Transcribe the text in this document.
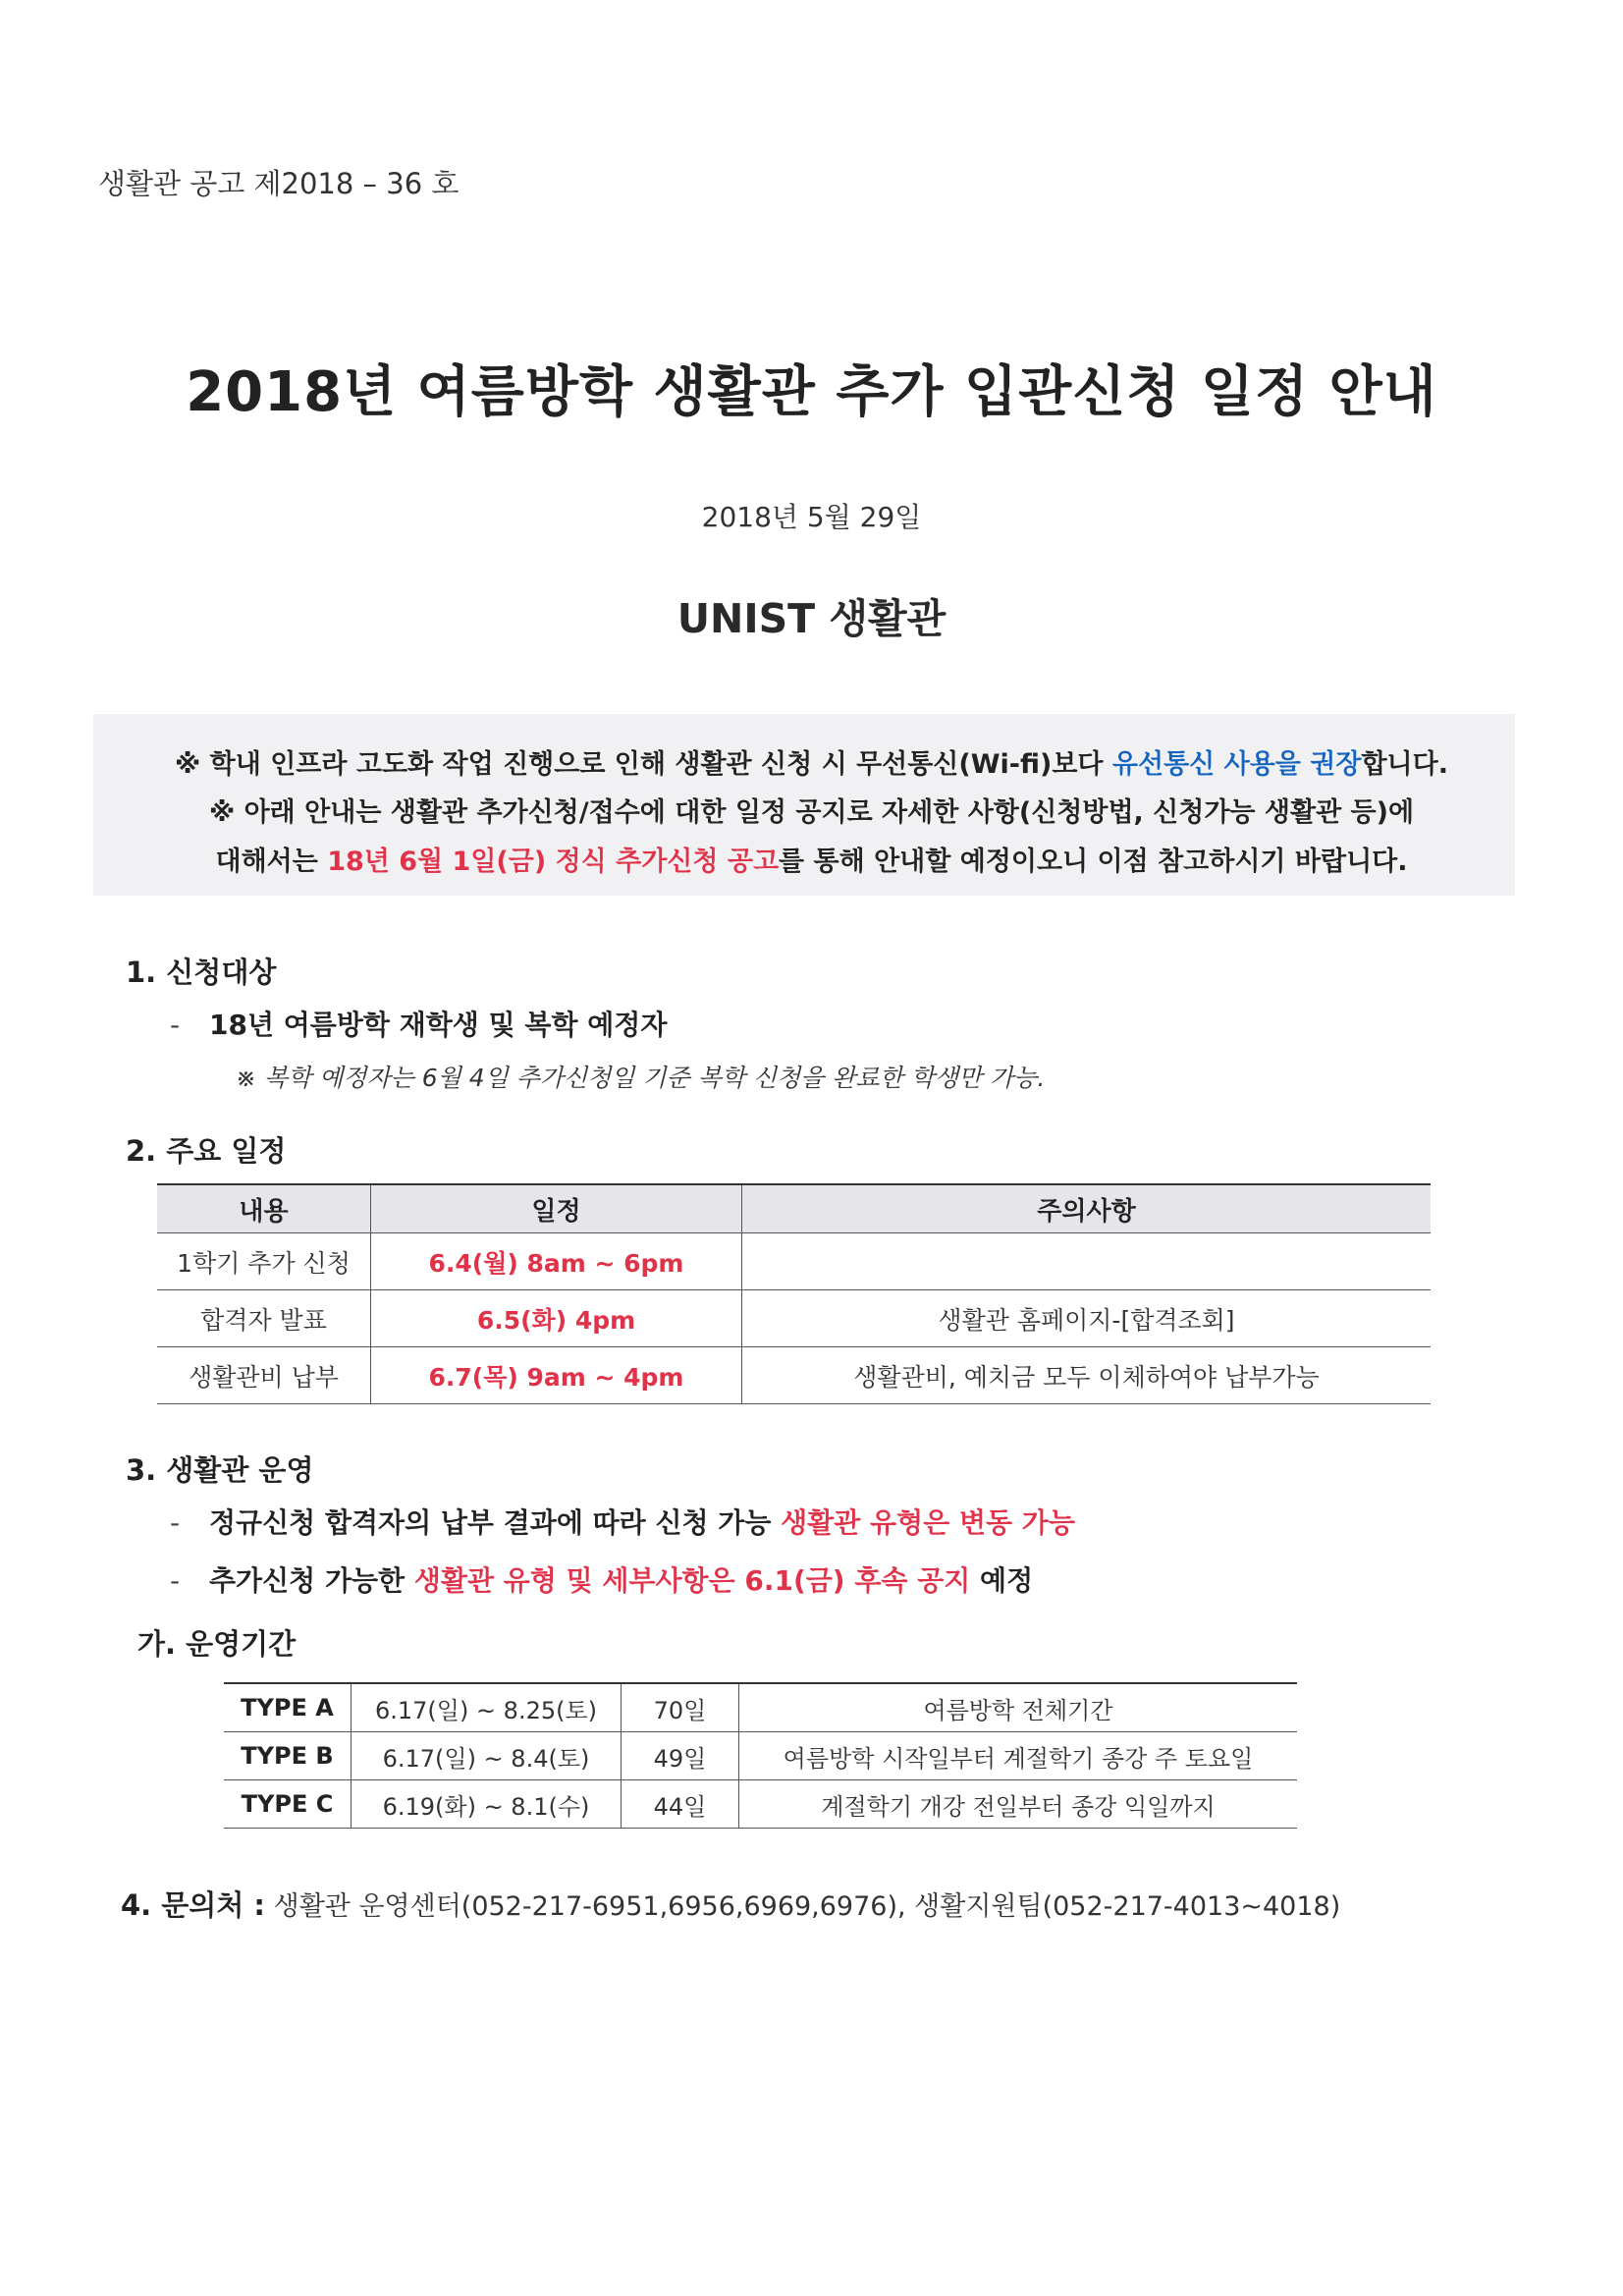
생활관 공고 제2018 – 36 호
2018년 여름방학 생활관 추가 입관신청 일정 안내
2018년 5월 29일
UNIST 생활관
※ 학내 인프라 고도화 작업 진행으로 인해 생활관 신청 시 무선통신(Wi-fi)보다 유선통신 사용을 권장합니다.
※ 아래 안내는 생활관 추가신청/접수에 대한 일정 공지로 자세한 사항(신청방법, 신청가능 생활관 등)에
대해서는 18년 6월 1일(금) 정식 추가신청 공고를 통해 안내할 예정이오니 이점 참고하시기 바랍니다.
1. 신청대상
- 18년 여름방학 재학생 및 복학 예정자
※ 복학 예정자는 6월 4일 추가신청일 기준 복학 신청을 완료한 학생만 가능.
2. 주요 일정
내용	일정	주의사항
1학기 추가 신청	6.4(월) 8am ~ 6pm	
합격자 발표	6.5(화) 4pm	생활관 홈페이지-[합격조회]
생활관비 납부	6.7(목) 9am ~ 4pm	생활관비, 예치금 모두 이체하여야 납부가능
3. 생활관 운영
- 정규신청 합격자의 납부 결과에 따라 신청 가능 생활관 유형은 변동 가능
- 추가신청 가능한 생활관 유형 및 세부사항은 6.1(금) 후속 공지 예정
가. 운영기간
TYPE A	6.17(일) ~ 8.25(토)	70일	여름방학 전체기간
TYPE B	6.17(일) ~ 8.4(토)	49일	여름방학 시작일부터 계절학기 종강 주 토요일
TYPE C	6.19(화) ~ 8.1(수)	44일	계절학기 개강 전일부터 종강 익일까지
4. 문의처 : 생활관 운영센터(052-217-6951,6956,6969,6976), 생활지원팀(052-217-4013~4018)
